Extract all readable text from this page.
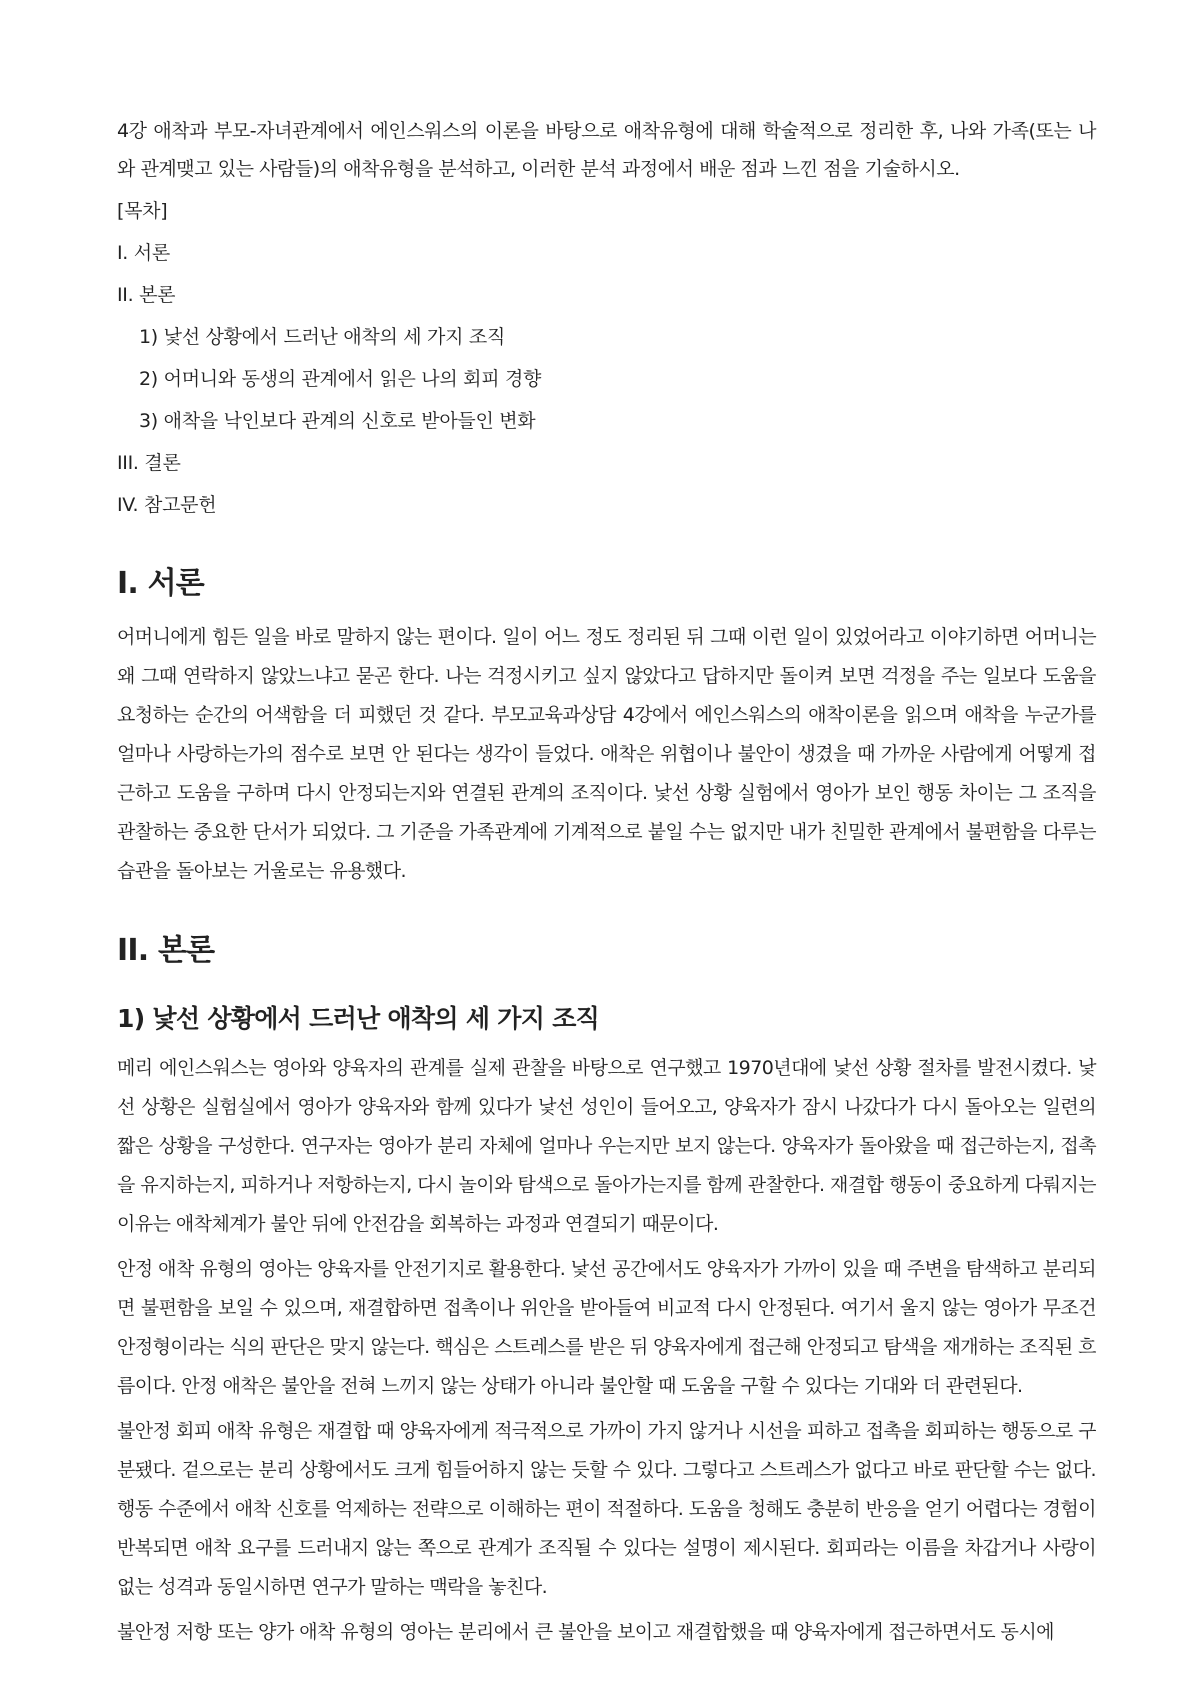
4강 애착과 부모-자녀관계에서 에인스워스의 이론을 바탕으로 애착유형에 대해 학술적으로 정리한 후, 나와 가족(또는 나와 관계맺고 있는 사람들)의 애착유형을 분석하고, 이러한 분석 과정에서 배운 점과 느낀 점을 기술하시오.

[목차]
I. 서론
II. 본론
1) 낯선 상황에서 드러난 애착의 세 가지 조직
2) 어머니와 동생의 관계에서 읽은 나의 회피 경향
3) 애착을 낙인보다 관계의 신호로 받아들인 변화
III. 결론
IV. 참고문헌
I. 서론

어머니에게 힘든 일을 바로 말하지 않는 편이다. 일이 어느 정도 정리된 뒤 그때 이런 일이 있었어라고 이야기하면 어머니는 왜 그때 연락하지 않았느냐고 묻곤 한다. 나는 걱정시키고 싶지 않았다고 답하지만 돌이켜 보면 걱정을 주는 일보다 도움을 요청하는 순간의 어색함을 더 피했던 것 같다. 부모교육과상담 4강에서 에인스워스의 애착이론을 읽으며 애착을 누군가를 얼마나 사랑하는가의 점수로 보면 안 된다는 생각이 들었다. 애착은 위협이나 불안이 생겼을 때 가까운 사람에게 어떻게 접근하고 도움을 구하며 다시 안정되는지와 연결된 관계의 조직이다. 낯선 상황 실험에서 영아가 보인 행동 차이는 그 조직을 관찰하는 중요한 단서가 되었다. 그 기준을 가족관계에 기계적으로 붙일 수는 없지만 내가 친밀한 관계에서 불편함을 다루는 습관을 돌아보는 거울로는 유용했다.

II. 본론
1) 낯선 상황에서 드러난 애착의 세 가지 조직

메리 에인스워스는 영아와 양육자의 관계를 실제 관찰을 바탕으로 연구했고 1970년대에 낯선 상황 절차를 발전시켰다. 낯선 상황은 실험실에서 영아가 양육자와 함께 있다가 낯선 성인이 들어오고, 양육자가 잠시 나갔다가 다시 돌아오는 일련의 짧은 상황을 구성한다. 연구자는 영아가 분리 자체에 얼마나 우는지만 보지 않는다. 양육자가 돌아왔을 때 접근하는지, 접촉을 유지하는지, 피하거나 저항하는지, 다시 놀이와 탐색으로 돌아가는지를 함께 관찰한다. 재결합 행동이 중요하게 다뤄지는 이유는 애착체계가 불안 뒤에 안전감을 회복하는 과정과 연결되기 때문이다.

안정 애착 유형의 영아는 양육자를 안전기지로 활용한다. 낯선 공간에서도 양육자가 가까이 있을 때 주변을 탐색하고 분리되면 불편함을 보일 수 있으며, 재결합하면 접촉이나 위안을 받아들여 비교적 다시 안정된다. 여기서 울지 않는 영아가 무조건 안정형이라는 식의 판단은 맞지 않는다. 핵심은 스트레스를 받은 뒤 양육자에게 접근해 안정되고 탐색을 재개하는 조직된 흐름이다. 안정 애착은 불안을 전혀 느끼지 않는 상태가 아니라 불안할 때 도움을 구할 수 있다는 기대와 더 관련된다.

불안정 회피 애착 유형은 재결합 때 양육자에게 적극적으로 가까이 가지 않거나 시선을 피하고 접촉을 회피하는 행동으로 구분됐다. 겉으로는 분리 상황에서도 크게 힘들어하지 않는 듯할 수 있다. 그렇다고 스트레스가 없다고 바로 판단할 수는 없다. 행동 수준에서 애착 신호를 억제하는 전략으로 이해하는 편이 적절하다. 도움을 청해도 충분히 반응을 얻기 어렵다는 경험이 반복되면 애착 요구를 드러내지 않는 쪽으로 관계가 조직될 수 있다는 설명이 제시된다. 회피라는 이름을 차갑거나 사랑이 없는 성격과 동일시하면 연구가 말하는 맥락을 놓친다.

불안정 저항 또는 양가 애착 유형의 영아는 분리에서 큰 불안을 보이고 재결합했을 때 양육자에게 접근하면서도 동시에
